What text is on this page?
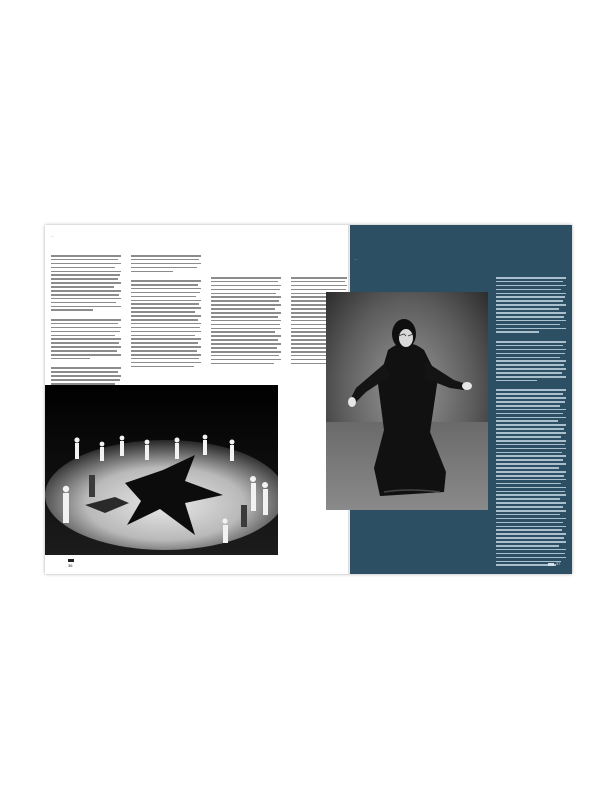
…
36
…
37
